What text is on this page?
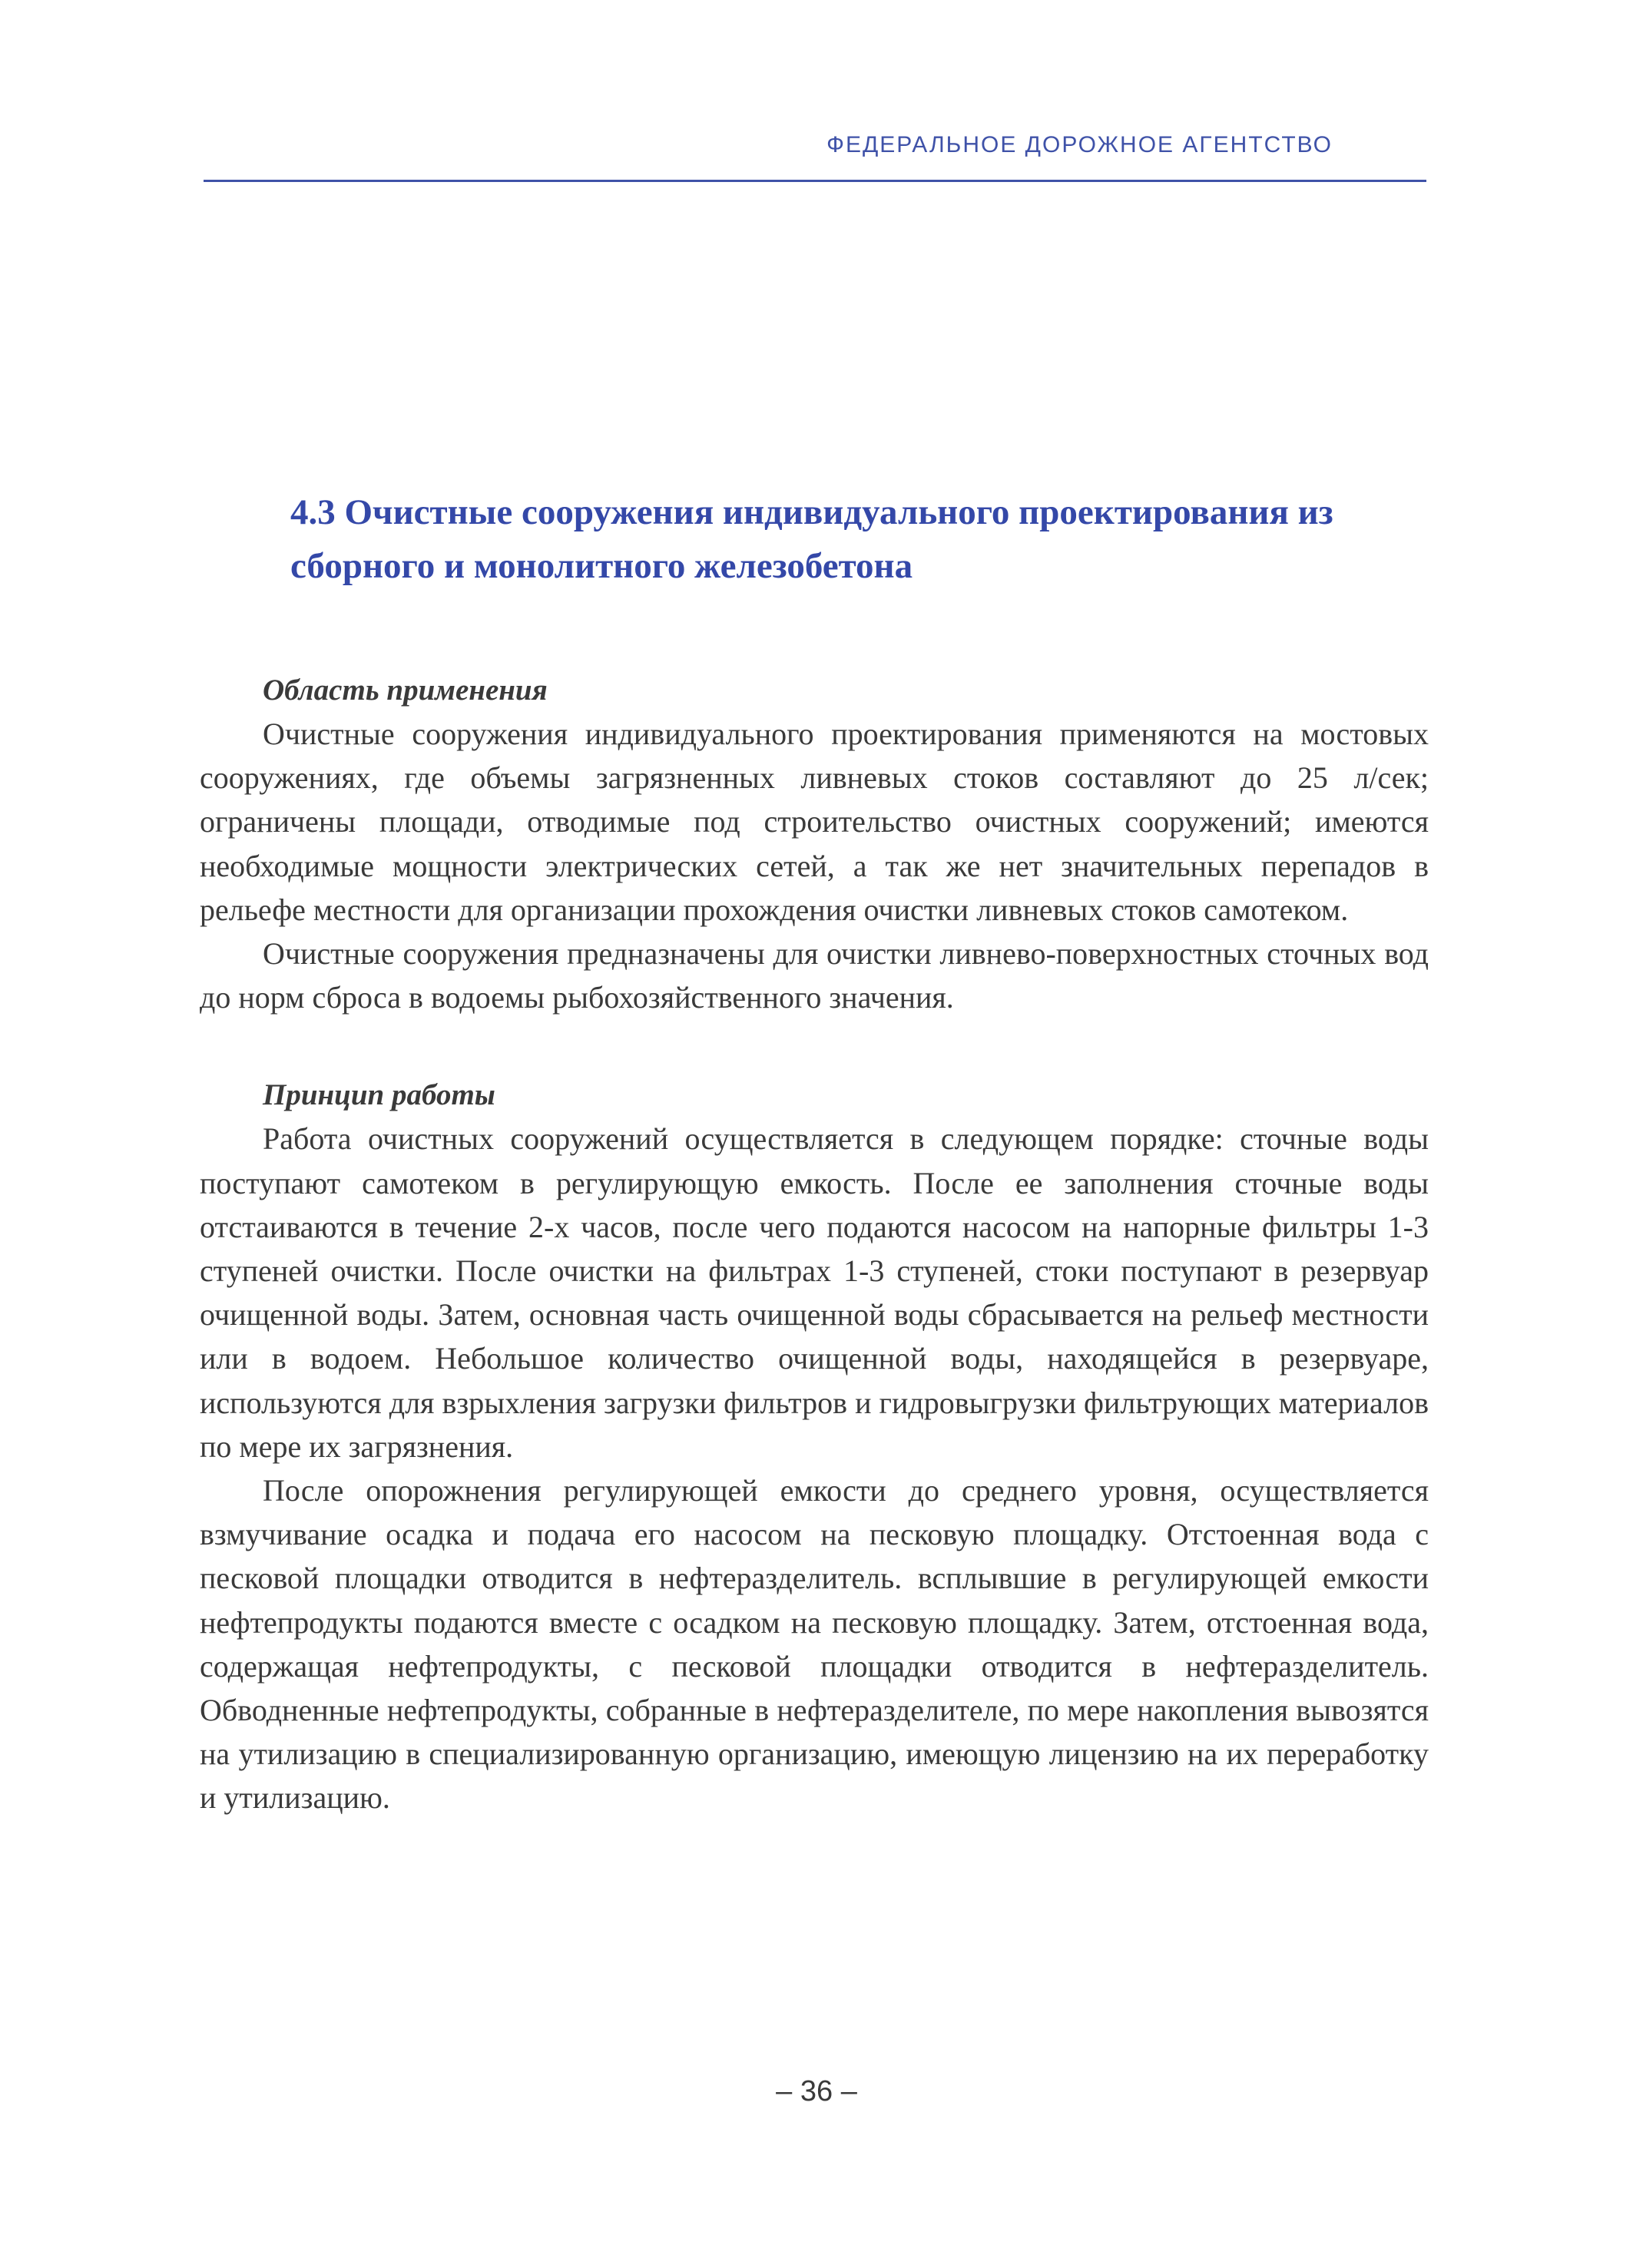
ФЕДЕРАЛЬНОЕ ДОРОЖНОЕ АГЕНТСТВО
4.3 Очистные сооружения индивидуального проектирования из сборного и монолитного железобетона
Область применения

Очистные сооружения индивидуального проектирования применяются на мостовых сооружениях, где объемы загрязненных ливневых стоков составляют до 25 л/сек; ограничены площади, отводимые под строительство очистных сооружений; имеются необходимые мощности электрических сетей, а так же нет значительных перепадов в рельефе местности для организации прохождения очистки ливневых стоков самотеком.

Очистные сооружения предназначены для очистки ливнево-поверхностных сточных вод до норм сброса в водоемы рыбохозяйственного значения.

Принцип работы

Работа очистных сооружений осуществляется в следующем порядке: сточные воды поступают самотеком в регулирующую емкость. После ее заполнения сточные воды отстаиваются в течение 2-х часов, после чего подаются насосом на напорные фильтры 1-3 ступеней очистки. После очистки на фильтрах 1-3 ступеней, стоки поступают в резервуар очищенной воды. Затем, основная часть очищенной воды сбрасывается на рельеф местности или в водоем. Небольшое количество очищенной воды, находящейся в резервуаре, используются для взрыхления загрузки фильтров и гидровыгрузки фильтрующих материалов по мере их загрязнения.

После опорожнения регулирующей емкости до среднего уровня, осуществляется взмучивание осадка и подача его насосом на песковую площадку. Отстоенная вода с песковой площадки отводится в нефтеразделитель. всплывшие в регулирующей емкости нефтепродукты подаются вместе с осадком на песковую площадку. Затем, отстоенная вода, содержащая нефтепродукты, с песковой площадки отводится в нефтеразделитель. Обводненные нефтепродукты, собранные в нефтеразделителе, по мере накопления вывозятся на утилизацию в специализированную организацию, имеющую лицензию на их переработку и утилизацию.

– 36 –
